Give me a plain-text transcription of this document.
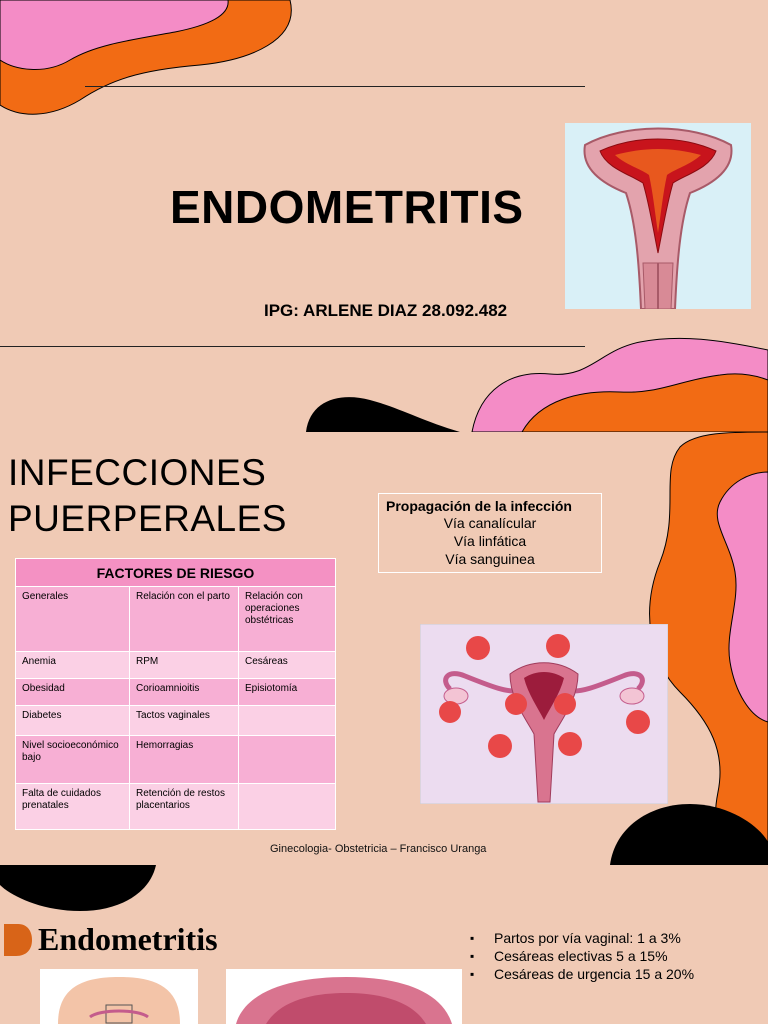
ENDOMETRITIS
IPG: ARLENE DIAZ 28.092.482
INFECCIONES
PUERPERALES	Propagación de la infección
Vía canalícular
Vía linfática
Vía sanguinea
FACTORES DE RIESGO		
Generales	Relación con el parto	Relación con operaciones obstétricas
Anemia	RPM	Cesáreas
Obesidad	Corioamnioitis	Episiotomía
Diabetes	Tactos vaginales	
Nivel socioeconómico bajo	Hemorragias	
Falta de cuidados prenatales	Retención de restos placentarios	
Ginecologia- Obstetricia – Francisco Uranga
Endometritis	▪ Partos por vía vaginal: 1 a 3%
▪ Cesáreas electivas 5 a 15%
▪ Cesáreas de urgencia 15 a 20%
